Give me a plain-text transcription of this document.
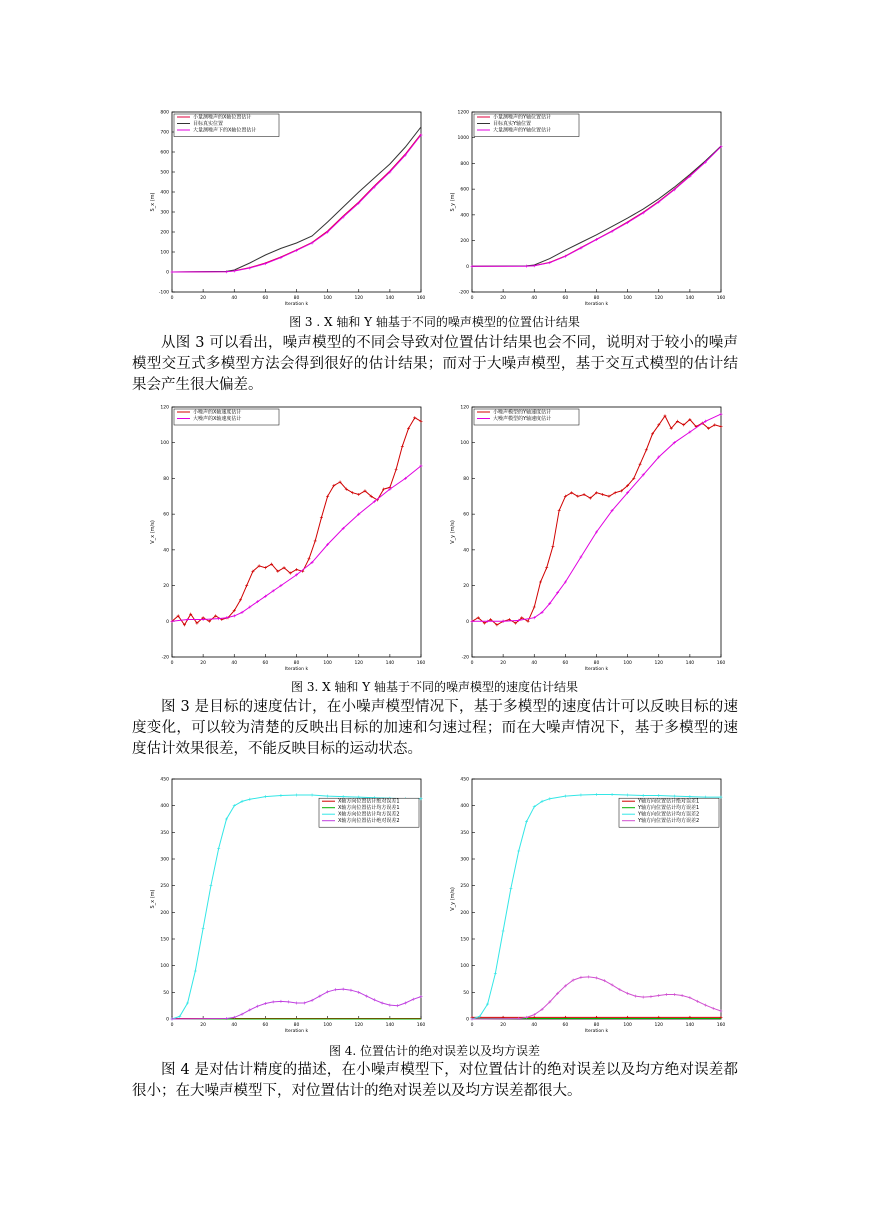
0	20	40	60	80	100	120	140	160
-100
0
100
200
300
400
500
600
700
800
Iteration k
S_x (m)
小量测噪声的X轴位置估计
目标真实位置
大量测噪声下的X轴位置估计
0	20	40	60	80	100	120	140	160
-200
0
200
400
600
800
1000
1200
Iteration k
S_y (m)
小量测噪声的Y轴位置估计
目标真实Y轴位置
大量测噪声的Y轴位置估计
图 3 . X 轴和 Y 轴基于不同的噪声模型的位置估计结果
从图 3 可以看出，噪声模型的不同会导致对位置估计结果也会不同，说明对于较小的噪声模型交互式多模型方法会得到很好的估计结果；而对于大噪声模型，基于交互式模型的估计结果会产生很大偏差。
0	20	40	60	80	100	120	140	160
-20
0
20
40
60
80
100
120
Iteration k
V_x (m/s)
小噪声的X轴速度估计
大噪声的X轴速度估计
0	20	40	60	80	100	120	140	160
-20
0
20
40
60
80
100
120
Iteration k
V_y (m/s)
小噪声模型的Y轴速度估计
大噪声模型的Y轴速度估计
图 3. X 轴和 Y 轴基于不同的噪声模型的速度估计结果
图 3 是目标的速度估计，在小噪声模型情况下，基于多模型的速度估计可以反映目标的速度变化，可以较为清楚的反映出目标的加速和匀速过程；而在大噪声情况下，基于多模型的速度估计效果很差，不能反映目标的运动状态。
0	20	40	60	80	100	120	140	160
0
50
100
150
200
250
300
350
400
450
Iteration k
S_x (m)
X轴方向位置估计绝对误差1
X轴方向位置估计均方误差1
X轴方向位置估计均方误差2
X轴方向位置估计绝对误差2
0	20	40	60	80	100	120	140	160
0
50
100
150
200
250
300
350
400
450
Iteration k
V_y (m/s)
Y轴方向位置估计绝对误差1
Y轴方向位置估计均方误差1
Y轴方向位置估计均方误差2
Y轴方向位置估计均方误差2
图 4. 位置估计的绝对误差以及均方误差
图 4 是对估计精度的描述，在小噪声模型下，对位置估计的绝对误差以及均方绝对误差都很小；在大噪声模型下，对位置估计的绝对误差以及均方误差都很大。
